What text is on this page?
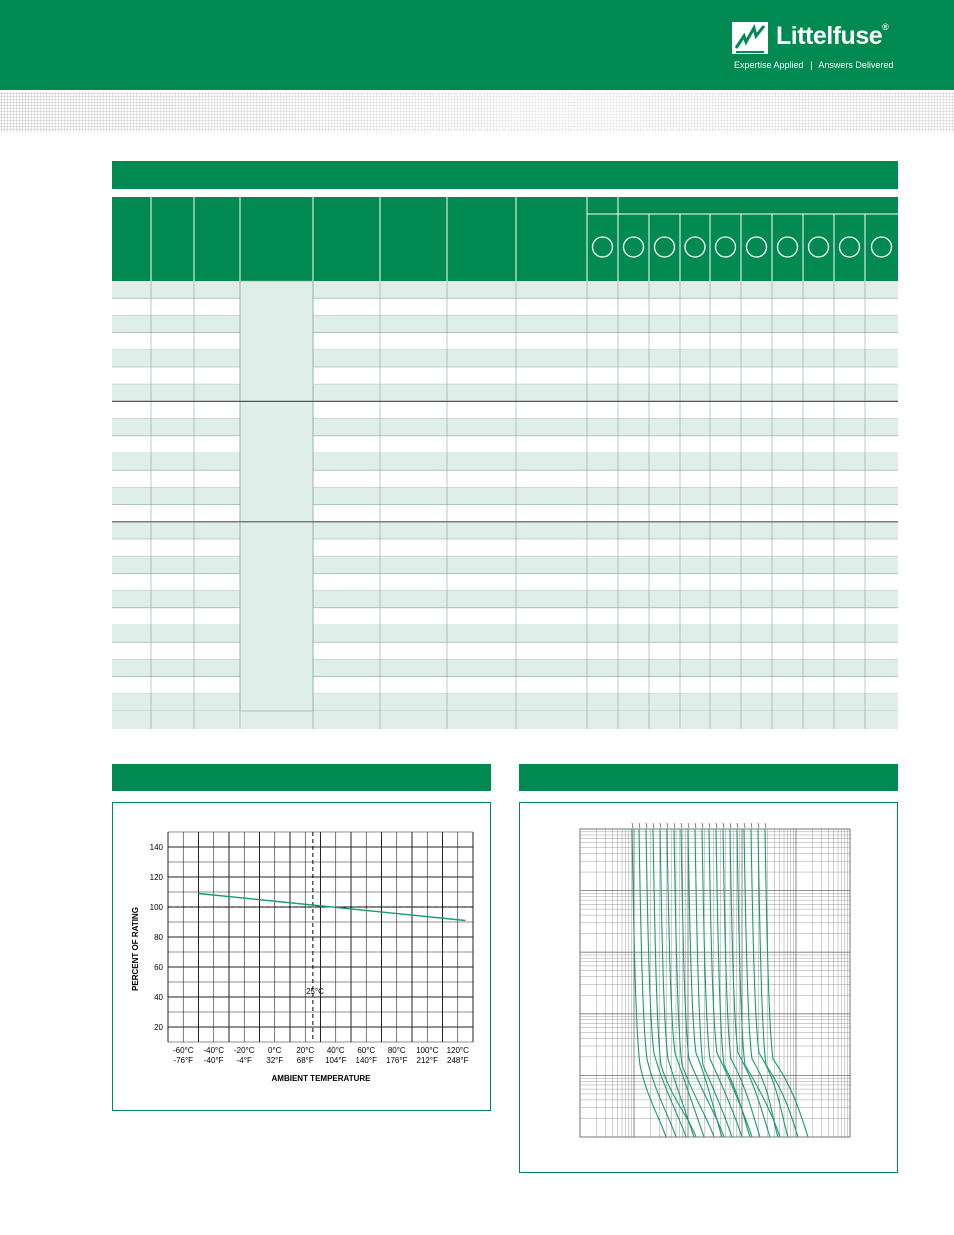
Littelfuse®
Expertise Applied | Answers Delivered
20
40
60
80
100
120
140
-60°C
-76°F
-40°C
-40°F
-20°C
-4°F
0°C
32°F
20°C
68°F
40°C
104°F
60°C
140°F
80°C
176°F
100°C
212°F
120°C
248°F
PERCENT OF RATING
AMBIENT TEMPERATURE
25°C
